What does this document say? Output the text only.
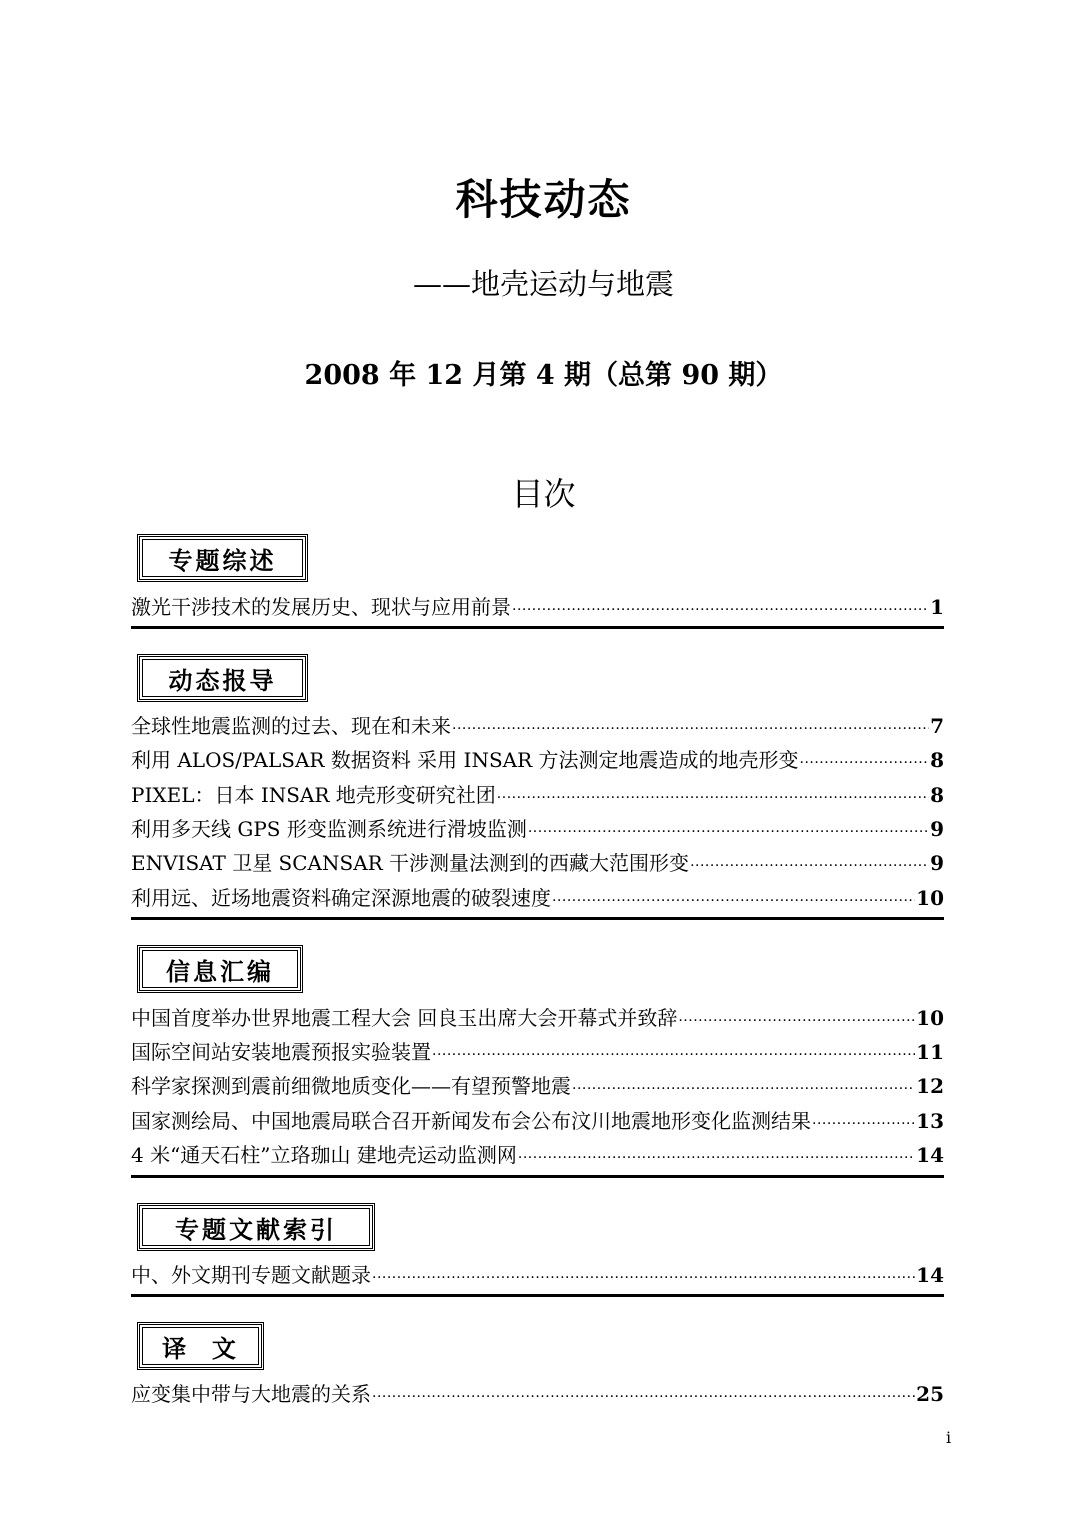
科技动态
——地壳运动与地震
2008 年 12 月第 4 期（总第 90 期）
目次
专题综述
激光干涉技术的发展历史、现状与应用前景 ·····	1
动态报导
全球性地震监测的过去、现在和未来 ·····	7
利用 ALOS/PALSAR 数据资料 采用 INSAR 方法测定地震造成的地壳形变 ·····	8
PIXEL：日本 INSAR 地壳形变研究社团 ·····	8
利用多天线 GPS 形变监测系统进行滑坡监测 ·····	9
ENVISAT 卫星 SCANSAR 干涉测量法测到的西藏大范围形变 ·····	9
利用远、近场地震资料确定深源地震的破裂速度 ·····	10
信息汇编
中国首度举办世界地震工程大会 回良玉出席大会开幕式并致辞 ·····	10
国际空间站安装地震预报实验装置 ·····	11
科学家探测到震前细微地质变化——有望预警地震 ·····	12
国家测绘局、中国地震局联合召开新闻发布会公布汶川地震地形变化监测结果 ·····	13
4 米“通天石柱”立珞珈山 建地壳运动监测网 ·····	14
专题文献索引
中、外文期刊专题文献题录 ·····	14
译  文
应变集中带与大地震的关系 ·····	25
i
